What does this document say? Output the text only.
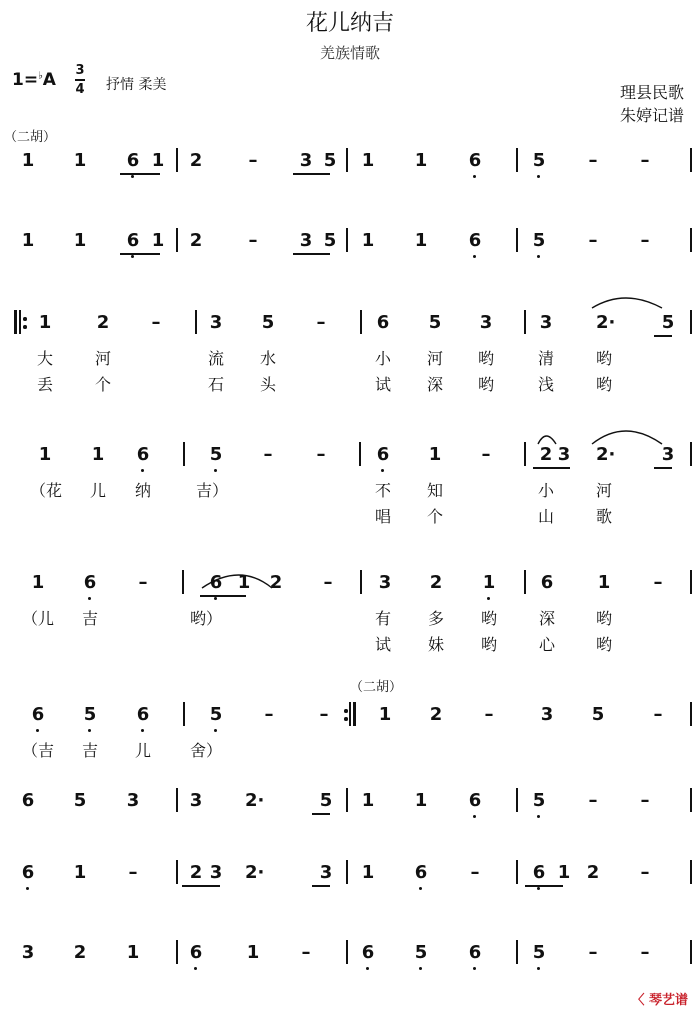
花儿纳吉
羌族情歌
1=♭A 3
4 抒情 柔美	理县民歌
朱婷记谱
（二胡）
（二胡）
1 1 6 1 2	– 3 5 1 1 6	5 – –
1 1 6 1 2	– 3 5 1 1 6	5 – –
1	2 –	3 5 –	6 5 3	3 2·	5
1 1 6	5 – –	6 1 –	2 3 2·	3
1 6 –	6 1 2 –	3 2 1	6 1 –
6 5 6	5 –	–	1 2 –	3 5	–
6 5 3	3 2·	5 1 1 6	5 – –
6 1 –	2 3 2·	3 1 6 –	6 1 2 –
3 2 1	6 1 –	6 5 6	5 – –
大	河	流 水	小 河 哟	清	哟
丢	个	石 头	试 深 哟	浅	哟
（花 儿 纳	吉）	不 知	小	河
唱 个	山	歌
（儿 吉	哟）	有 多 哟	深	哟
试 妹 哟	心	哟
（吉 吉 儿 舍）
〈 琴艺谱
